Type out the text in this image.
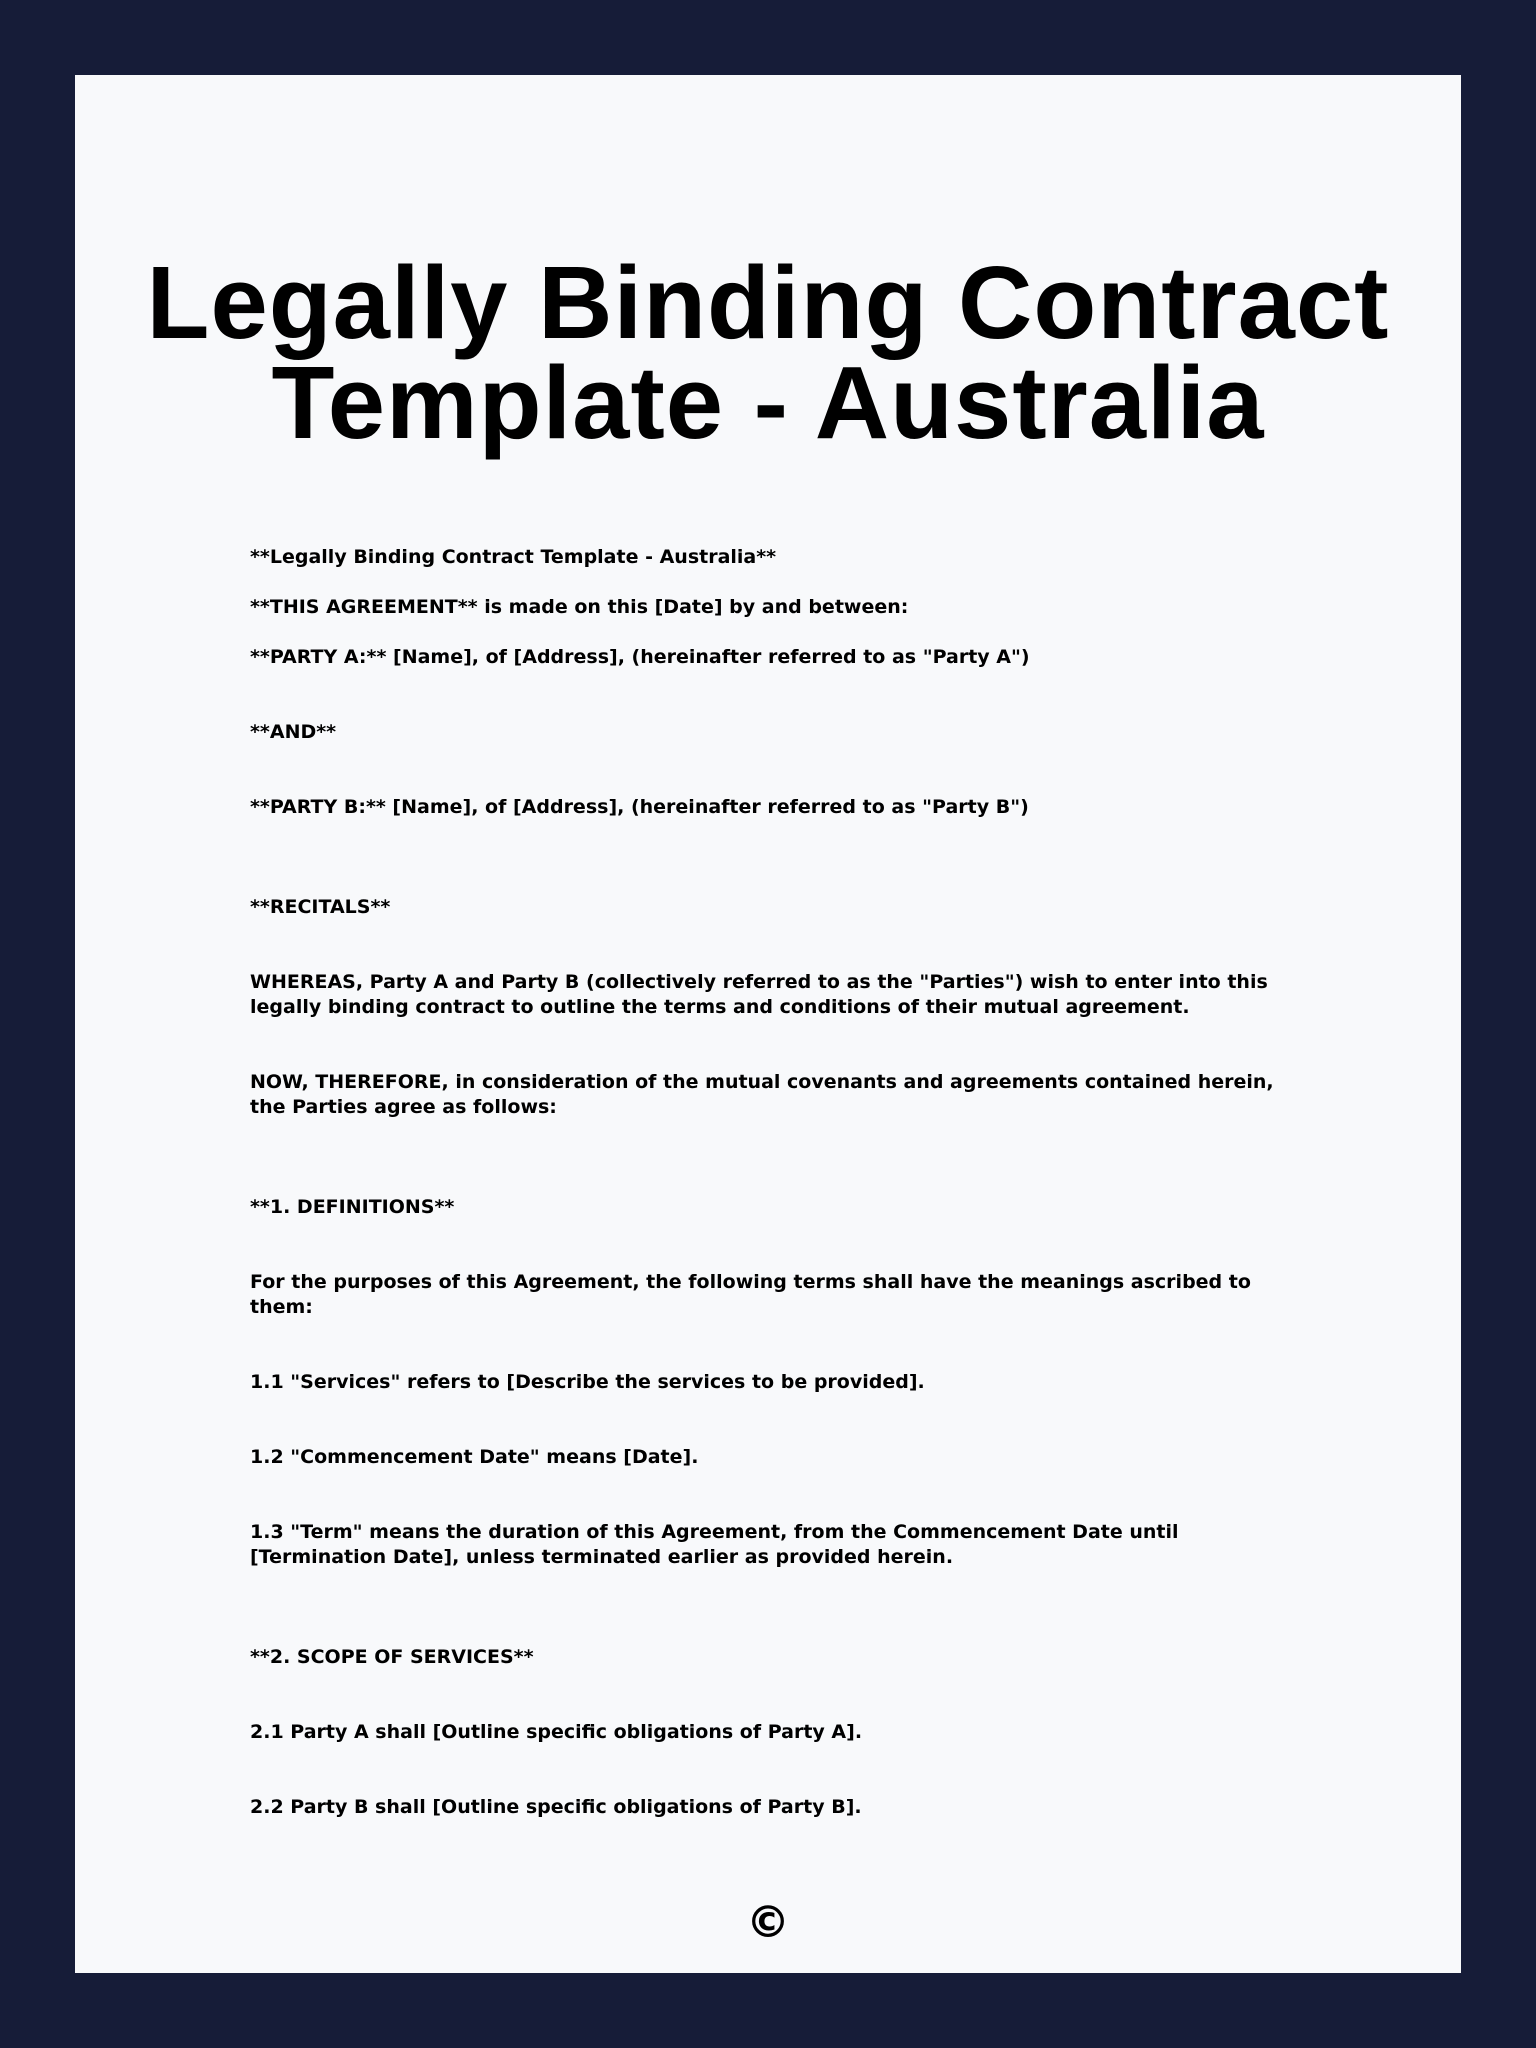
Legally Binding Contract Template - Australia

**Legally Binding Contract Template - Australia**

**THIS AGREEMENT** is made on this [Date] by and between:

**PARTY A:** [Name], of [Address], (hereinafter referred to as "Party A")

**AND**

**PARTY B:** [Name], of [Address], (hereinafter referred to as "Party B")

**RECITALS**

WHEREAS, Party A and Party B (collectively referred to as the "Parties") wish to enter into this legally binding contract to outline the terms and conditions of their mutual agreement.

NOW, THEREFORE, in consideration of the mutual covenants and agreements contained herein, the Parties agree as follows:

**1. DEFINITIONS**

For the purposes of this Agreement, the following terms shall have the meanings ascribed to them:

1.1 "Services" refers to [Describe the services to be provided].

1.2 "Commencement Date" means [Date].

1.3 "Term" means the duration of this Agreement, from the Commencement Date until [Termination Date], unless terminated earlier as provided herein.

**2. SCOPE OF SERVICES**

2.1 Party A shall [Outline specific obligations of Party A].

2.2 Party B shall [Outline specific obligations of Party B].

©
